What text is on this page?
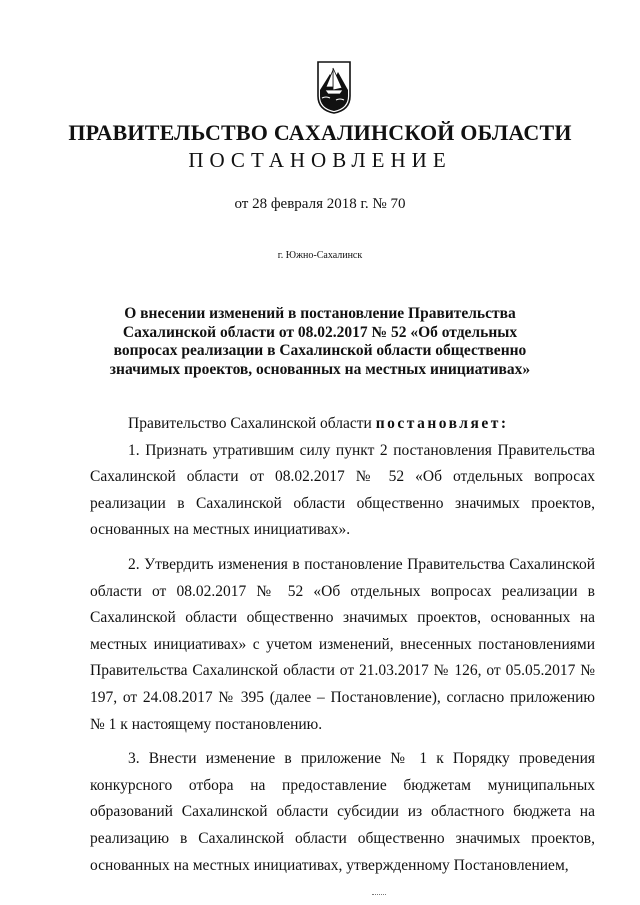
ПРАВИТЕЛЬСТВО САХАЛИНСКОЙ ОБЛАСТИ
ПОСТАНОВЛЕНИЕ
от 28 февраля 2018 г. № 70
г. Южно-Сахалинск
О внесении изменений в постановление Правительства Сахалинской области от 08.02.2017 № 52 «Об отдельных вопросах реализации в Сахалинской области общественно значимых проектов, основанных на местных инициативах»

Правительство Сахалинской области постановляет:

1. Признать утратившим силу пункт 2 постановления Правительства Сахалинской области от 08.02.2017 № 52 «Об отдельных вопросах реализации в Сахалинской области общественно значимых проектов, основанных на местных инициативах».

2. Утвердить изменения в постановление Правительства Сахалинской области от 08.02.2017 № 52 «Об отдельных вопросах реализации в Сахалинской области общественно значимых проектов, основанных на местных инициативах» с учетом изменений, внесенных постановлениями Правительства Сахалинской области от 21.03.2017 № 126, от 05.05.2017 № 197, от 24.08.2017 № 395 (далее – Постановление), согласно приложению № 1 к настоящему постановлению.

3. Внести изменение в приложение № 1 к Порядку проведения конкурсного отбора на предоставление бюджетам муниципальных образований Сахалинской области субсидии из областного бюджета на реализацию в Сахалинской области общественно значимых проектов, основанных на местных инициативах, утвержденному Постановлением,
